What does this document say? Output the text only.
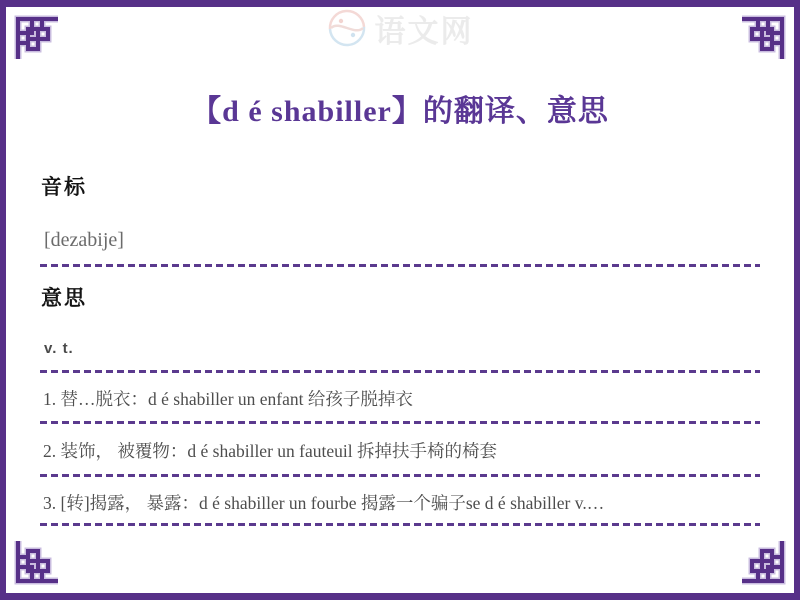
语文网
【d é shabiller】的翻译、意思
音标
[dezabije]
意思
v. t.
1. 替…脱衣：d é shabiller un enfant 给孩子脱掉衣
2. 装饰， 被覆物：d é shabiller un fauteuil 拆掉扶手椅的椅套
3. [转]揭露， 暴露：d é shabiller un fourbe 揭露一个骗子se d é shabiller v.…
